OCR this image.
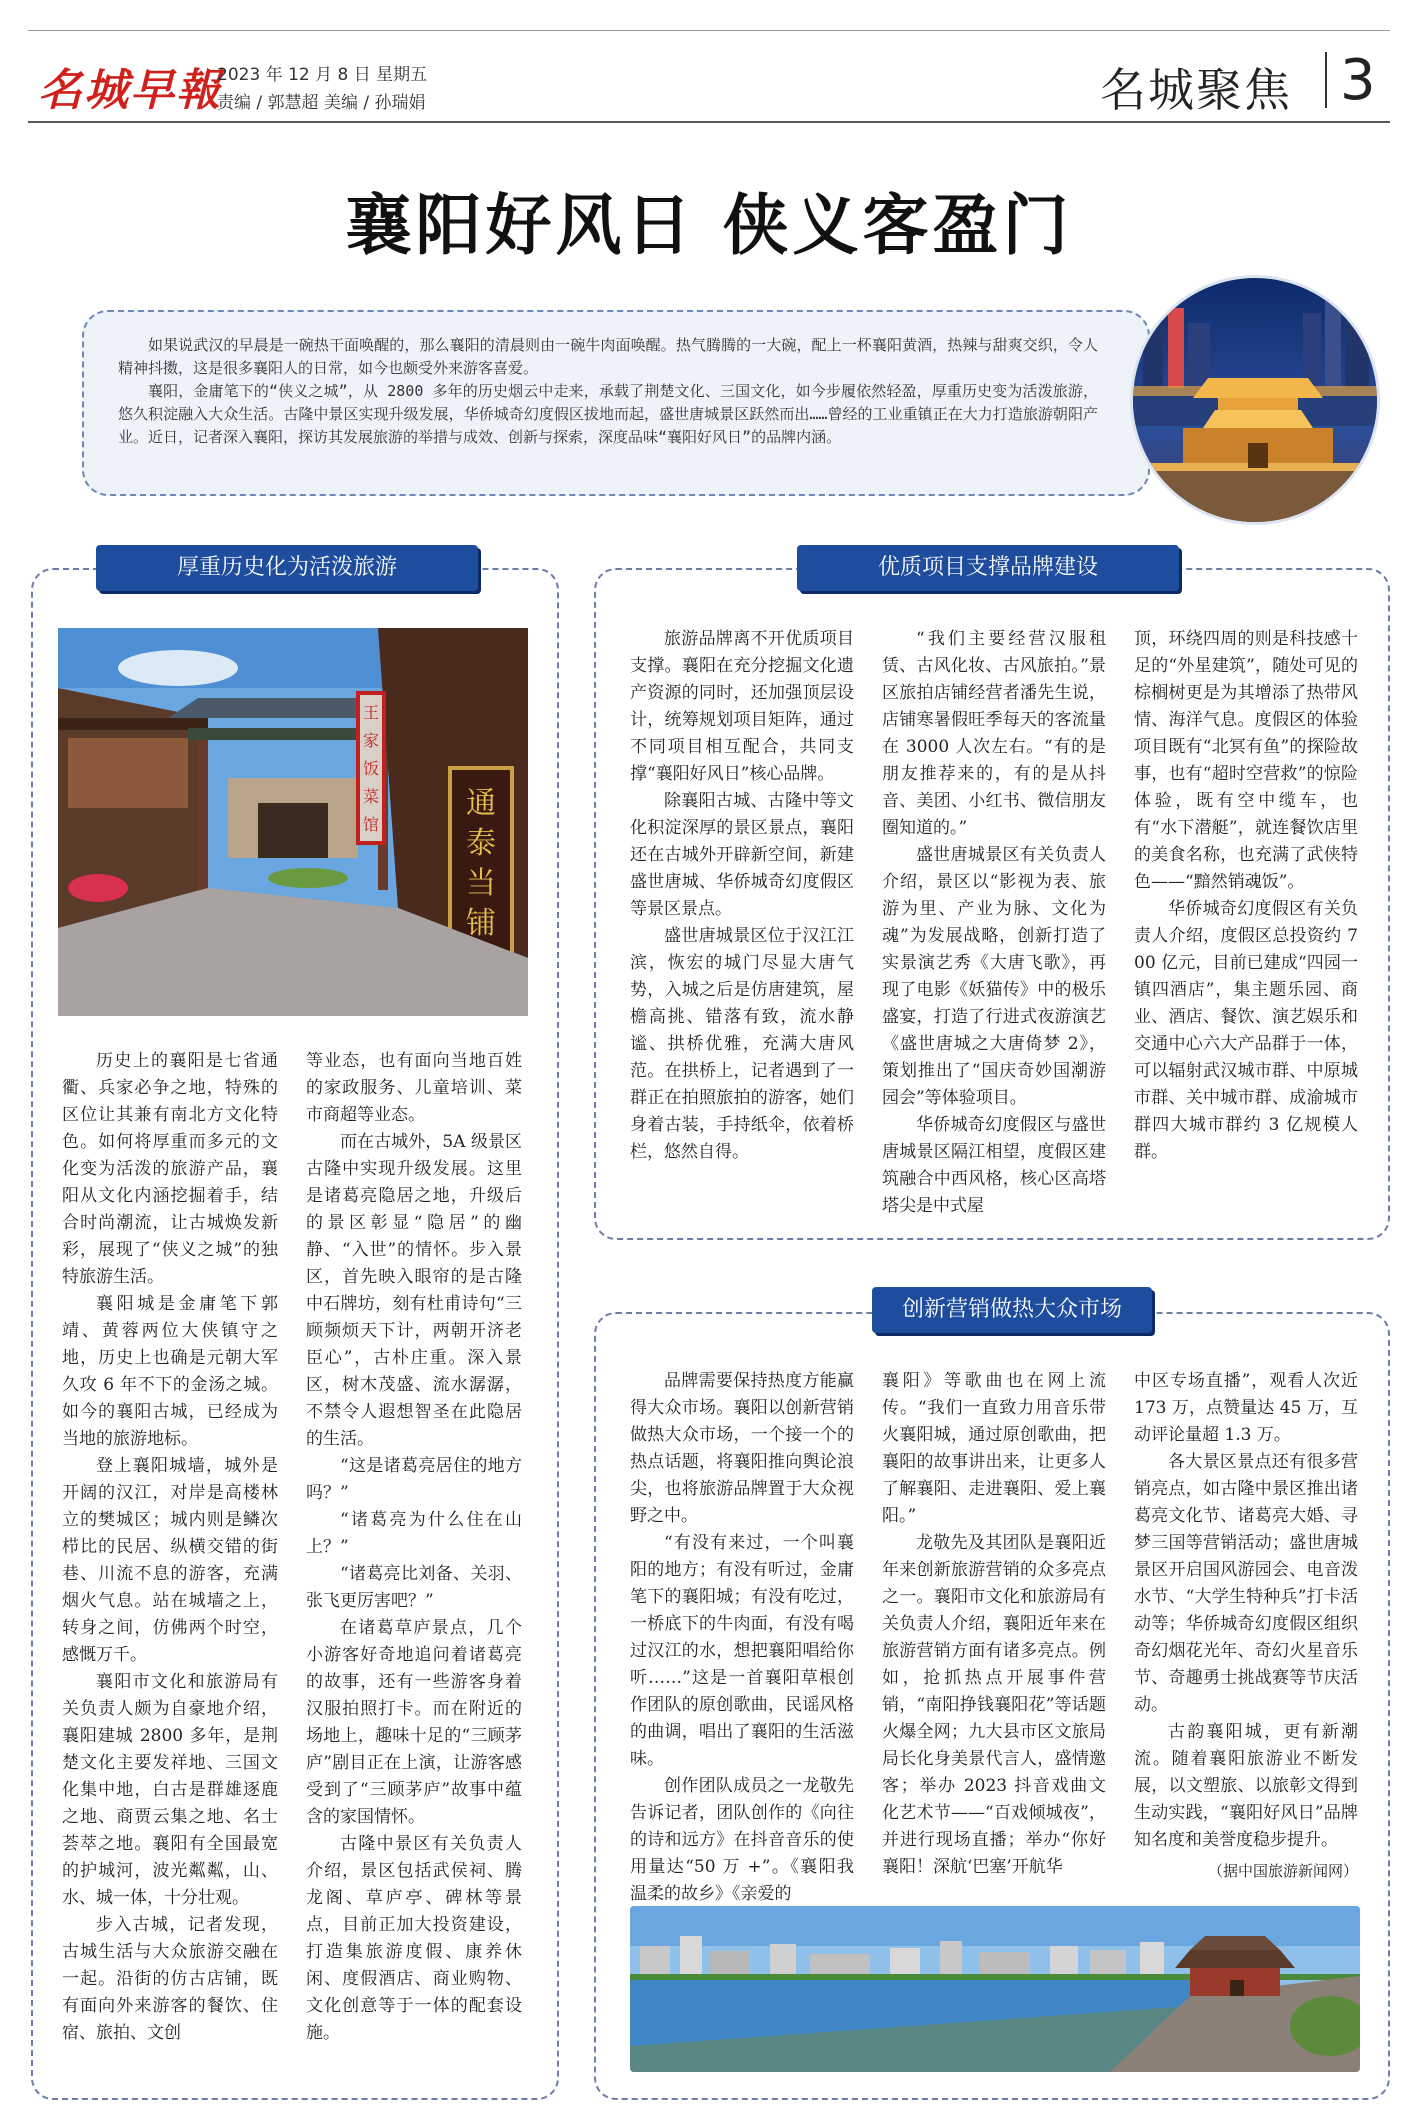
名城早報
2023 年 12 月 8 日 星期五
责编 / 郭慧超 美编 / 孙瑞娟	名城聚焦 3
襄阳好风日 侠义客盈门

如果说武汉的早晨是一碗热干面唤醒的，那么襄阳的清晨则由一碗牛肉面唤醒。热气腾腾的一大碗，配上一杯襄阳黄酒，热辣与甜爽交织，令人精神抖擞，这是很多襄阳人的日常，如今也颇受外来游客喜爱。

襄阳，金庸笔下的“侠义之城”，从 2800 多年的历史烟云中走来，承载了荆楚文化、三国文化，如今步履依然轻盈，厚重历史变为活泼旅游，悠久积淀融入大众生活。古隆中景区实现升级发展，华侨城奇幻度假区拔地而起，盛世唐城景区跃然而出……曾经的工业重镇正在大力打造旅游朝阳产业。近日，记者深入襄阳，探访其发展旅游的举措与成效、创新与探索，深度品味“襄阳好风日”的品牌内涵。

厚重历史化为活泼旅游
王
家
饭
菜
馆
通
泰
当
铺

历史上的襄阳是七省通衢、兵家必争之地，特殊的区位让其兼有南北方文化特色。如何将厚重而多元的文化变为活泼的旅游产品，襄阳从文化内涵挖掘着手，结合时尚潮流，让古城焕发新彩，展现了“侠义之城”的独特旅游生活。

襄阳城是金庸笔下郭靖、黄蓉两位大侠镇守之地，历史上也确是元朝大军久攻 6 年不下的金汤之城。如今的襄阳古城，已经成为当地的旅游地标。

登上襄阳城墙，城外是开阔的汉江，对岸是高楼林立的樊城区；城内则是鳞次栉比的民居、纵横交错的街巷、川流不息的游客，充满烟火气息。站在城墙之上，转身之间，仿佛两个时空，感慨万千。

襄阳市文化和旅游局有关负责人颇为自豪地介绍，襄阳建城 2800 多年，是荆楚文化主要发祥地、三国文化集中地，白古是群雄逐鹿之地、商贾云集之地、名士荟萃之地。襄阳有全国最宽的护城河，波光粼粼，山、水、城一体，十分壮观。

步入古城，记者发现，古城生活与大众旅游交融在一起。沿街的仿古店铺，既有面向外来游客的餐饮、住宿、旅拍、文创

等业态，也有面向当地百姓的家政服务、儿童培训、菜市商超等业态。

而在古城外，5A 级景区古隆中实现升级发展。这里是诸葛亮隐居之地，升级后的景区彰显“隐居”的幽静、“入世”的情怀。步入景区，首先映入眼帘的是古隆中石牌坊，刻有杜甫诗句“三顾频烦天下计，两朝开济老臣心”，古朴庄重。深入景区，树木茂盛、流水潺潺，不禁令人遐想智圣在此隐居的生活。

“这是诸葛亮居住的地方吗？”

“诸葛亮为什么住在山上？”

“诸葛亮比刘备、关羽、张飞更厉害吧？”

在诸葛草庐景点，几个小游客好奇地追问着诸葛亮的故事，还有一些游客身着汉服拍照打卡。而在附近的场地上，趣味十足的“三顾茅庐”剧目正在上演，让游客感受到了“三顾茅庐”故事中蕴含的家国情怀。

古隆中景区有关负责人介绍，景区包括武侯祠、腾龙阁、草庐亭、碑林等景点，目前正加大投资建设，打造集旅游度假、康养休闲、度假酒店、商业购物、文化创意等于一体的配套设施。

优质项目支撑品牌建设

旅游品牌离不开优质项目支撑。襄阳在充分挖掘文化遗产资源的同时，还加强顶层设计，统筹规划项目矩阵，通过不同项目相互配合，共同支撑“襄阳好风日”核心品牌。

除襄阳古城、古隆中等文化积淀深厚的景区景点，襄阳还在古城外开辟新空间，新建盛世唐城、华侨城奇幻度假区等景区景点。

盛世唐城景区位于汉江江滨，恢宏的城门尽显大唐气势，入城之后是仿唐建筑，屋檐高挑、错落有致，流水静谧、拱桥优雅，充满大唐风范。在拱桥上，记者遇到了一群正在拍照旅拍的游客，她们身着古装，手持纸伞，依着桥栏，悠然自得。

“我们主要经营汉服租赁、古风化妆、古风旅拍。”景区旅拍店铺经营者潘先生说，店铺寒暑假旺季每天的客流量在 3000 人次左右。“有的是朋友推荐来的，有的是从抖音、美团、小红书、微信朋友圈知道的。”

盛世唐城景区有关负责人介绍，景区以“影视为表、旅游为里、产业为脉、文化为魂”为发展战略，创新打造了实景演艺秀《大唐飞歌》，再现了电影《妖猫传》中的极乐盛宴，打造了行进式夜游演艺《盛世唐城之大唐倚梦 2》，策划推出了“国庆奇妙国潮游园会”等体验项目。

华侨城奇幻度假区与盛世唐城景区隔江相望，度假区建筑融合中西风格，核心区高塔塔尖是中式屋

顶，环绕四周的则是科技感十足的“外星建筑”，随处可见的棕榈树更是为其增添了热带风情、海洋气息。度假区的体验项目既有“北冥有鱼”的探险故事，也有“超时空营救”的惊险体验，既有空中缆车，也有“水下潜艇”，就连餐饮店里的美食名称，也充满了武侠特色——“黯然销魂饭”。

华侨城奇幻度假区有关负责人介绍，度假区总投资约 700 亿元，目前已建成“四园一镇四酒店”，集主题乐园、商业、酒店、餐饮、演艺娱乐和交通中心六大产品群于一体，可以辐射武汉城市群、中原城市群、关中城市群、成渝城市群四大城市群约 3 亿规模人群。

创新营销做热大众市场

品牌需要保持热度方能赢得大众市场。襄阳以创新营销做热大众市场，一个接一个的热点话题，将襄阳推向舆论浪尖，也将旅游品牌置于大众视野之中。

“有没有来过，一个叫襄阳的地方；有没有听过，金庸笔下的襄阳城；有没有吃过，一桥底下的牛肉面，有没有喝过汉江的水，想把襄阳唱给你听……”这是一首襄阳草根创作团队的原创歌曲，民谣风格的曲调，唱出了襄阳的生活滋味。

创作团队成员之一龙敬先告诉记者，团队创作的《向往的诗和远方》在抖音音乐的使用量达“50 万 +”。《襄阳我温柔的故乡》《亲爱的

襄阳》等歌曲也在网上流传。“我们一直致力用音乐带火襄阳城，通过原创歌曲，把襄阳的故事讲出来，让更多人了解襄阳、走进襄阳、爱上襄阳。”

龙敬先及其团队是襄阳近年来创新旅游营销的众多亮点之一。襄阳市文化和旅游局有关负责人介绍，襄阳近年来在旅游营销方面有诸多亮点。例如，抢抓热点开展事件营销，“南阳挣钱襄阳花”等话题火爆全网；九大县市区文旅局局长化身美景代言人，盛情邀客；举办 2023 抖音戏曲文化艺术节——“百戏倾城夜”，并进行现场直播；举办“你好襄阳！深航‘巴塞’开航华

中区专场直播”，观看人次近 173 万，点赞量达 45 万，互动评论量超 1.3 万。

各大景区景点还有很多营销亮点，如古隆中景区推出诸葛亮文化节、诸葛亮大婚、寻梦三国等营销活动；盛世唐城景区开启国风游园会、电音泼水节、“大学生特种兵”打卡活动等；华侨城奇幻度假区组织奇幻烟花光年、奇幻火星音乐节、奇趣勇士挑战赛等节庆活动。

古韵襄阳城，更有新潮流。随着襄阳旅游业不断发展，以文塑旅、以旅彰文得到生动实践，“襄阳好风日”品牌知名度和美誉度稳步提升。

（据中国旅游新闻网）
